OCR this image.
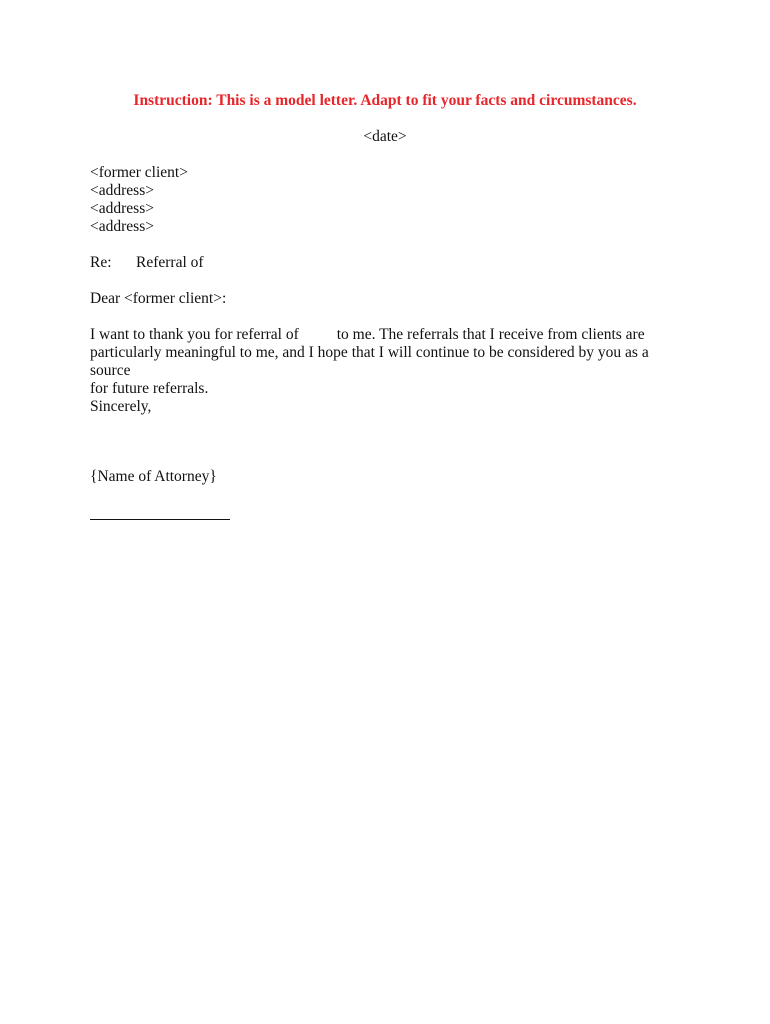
Instruction: This is a model letter. Adapt to fit your facts and circumstances.
<date>
<former client>
<address>
<address>
<address>
Re:	Referral of
Dear <former client>:
I want to thank you for referral of to me. The referrals that I receive from clients are
particularly meaningful to me, and I hope that I will continue to be considered by you as a source
for future referrals.
Sincerely,
{Name of Attorney}
